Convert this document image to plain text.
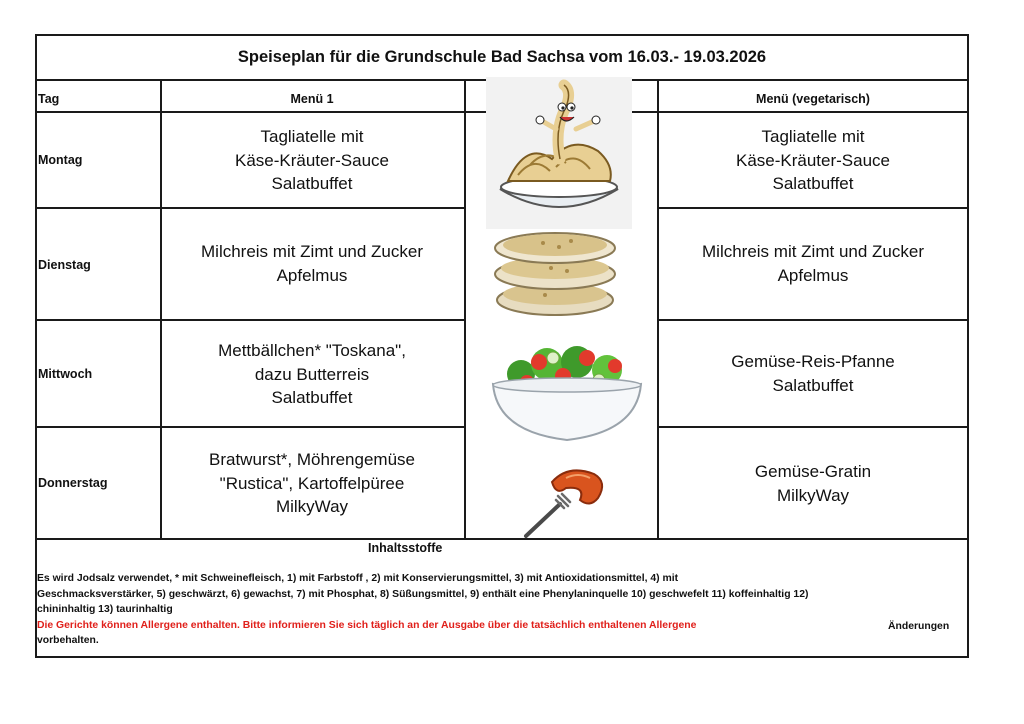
Speiseplan für die Grundschule Bad Sachsa vom 16.03.- 19.03.2026
Tag	Menü 1	Menü (vegetarisch)
Montag
Dienstag
Mittwoch
Donnerstag
Tagliatelle mit
Käse-Kräuter-Sauce
Salatbuffet
Milchreis mit Zimt und Zucker
Apfelmus
Mettbällchen* "Toskana",
dazu Butterreis
Salatbuffet
Bratwurst*, Möhrengemüse
"Rustica", Kartoffelpüree
MilkyWay
Tagliatelle mit
Käse-Kräuter-Sauce
Salatbuffet
Milchreis mit Zimt und Zucker
Apfelmus
Gemüse-Reis-Pfanne
Salatbuffet
Gemüse-Gratin
MilkyWay
Inhaltsstoffe
Es wird Jodsalz verwendet, * mit Schweinefleisch, 1) mit Farbstoff , 2) mit Konservierungsmittel, 3) mit Antioxidationsmittel, 4) mit
Geschmacksverstärker, 5) geschwärzt, 6) gewachst, 7) mit Phosphat, 8) Süßungsmittel, 9) enthält eine Phenylaninquelle 10) geschwefelt 11) koffeinhaltig 12)
chininhaltig 13) taurinhaltig
Die Gerichte können Allergene enthalten. Bitte informieren Sie sich täglich an der Ausgabe über die tatsächlich enthaltenen Allergene
vorbehalten.
Änderungen
